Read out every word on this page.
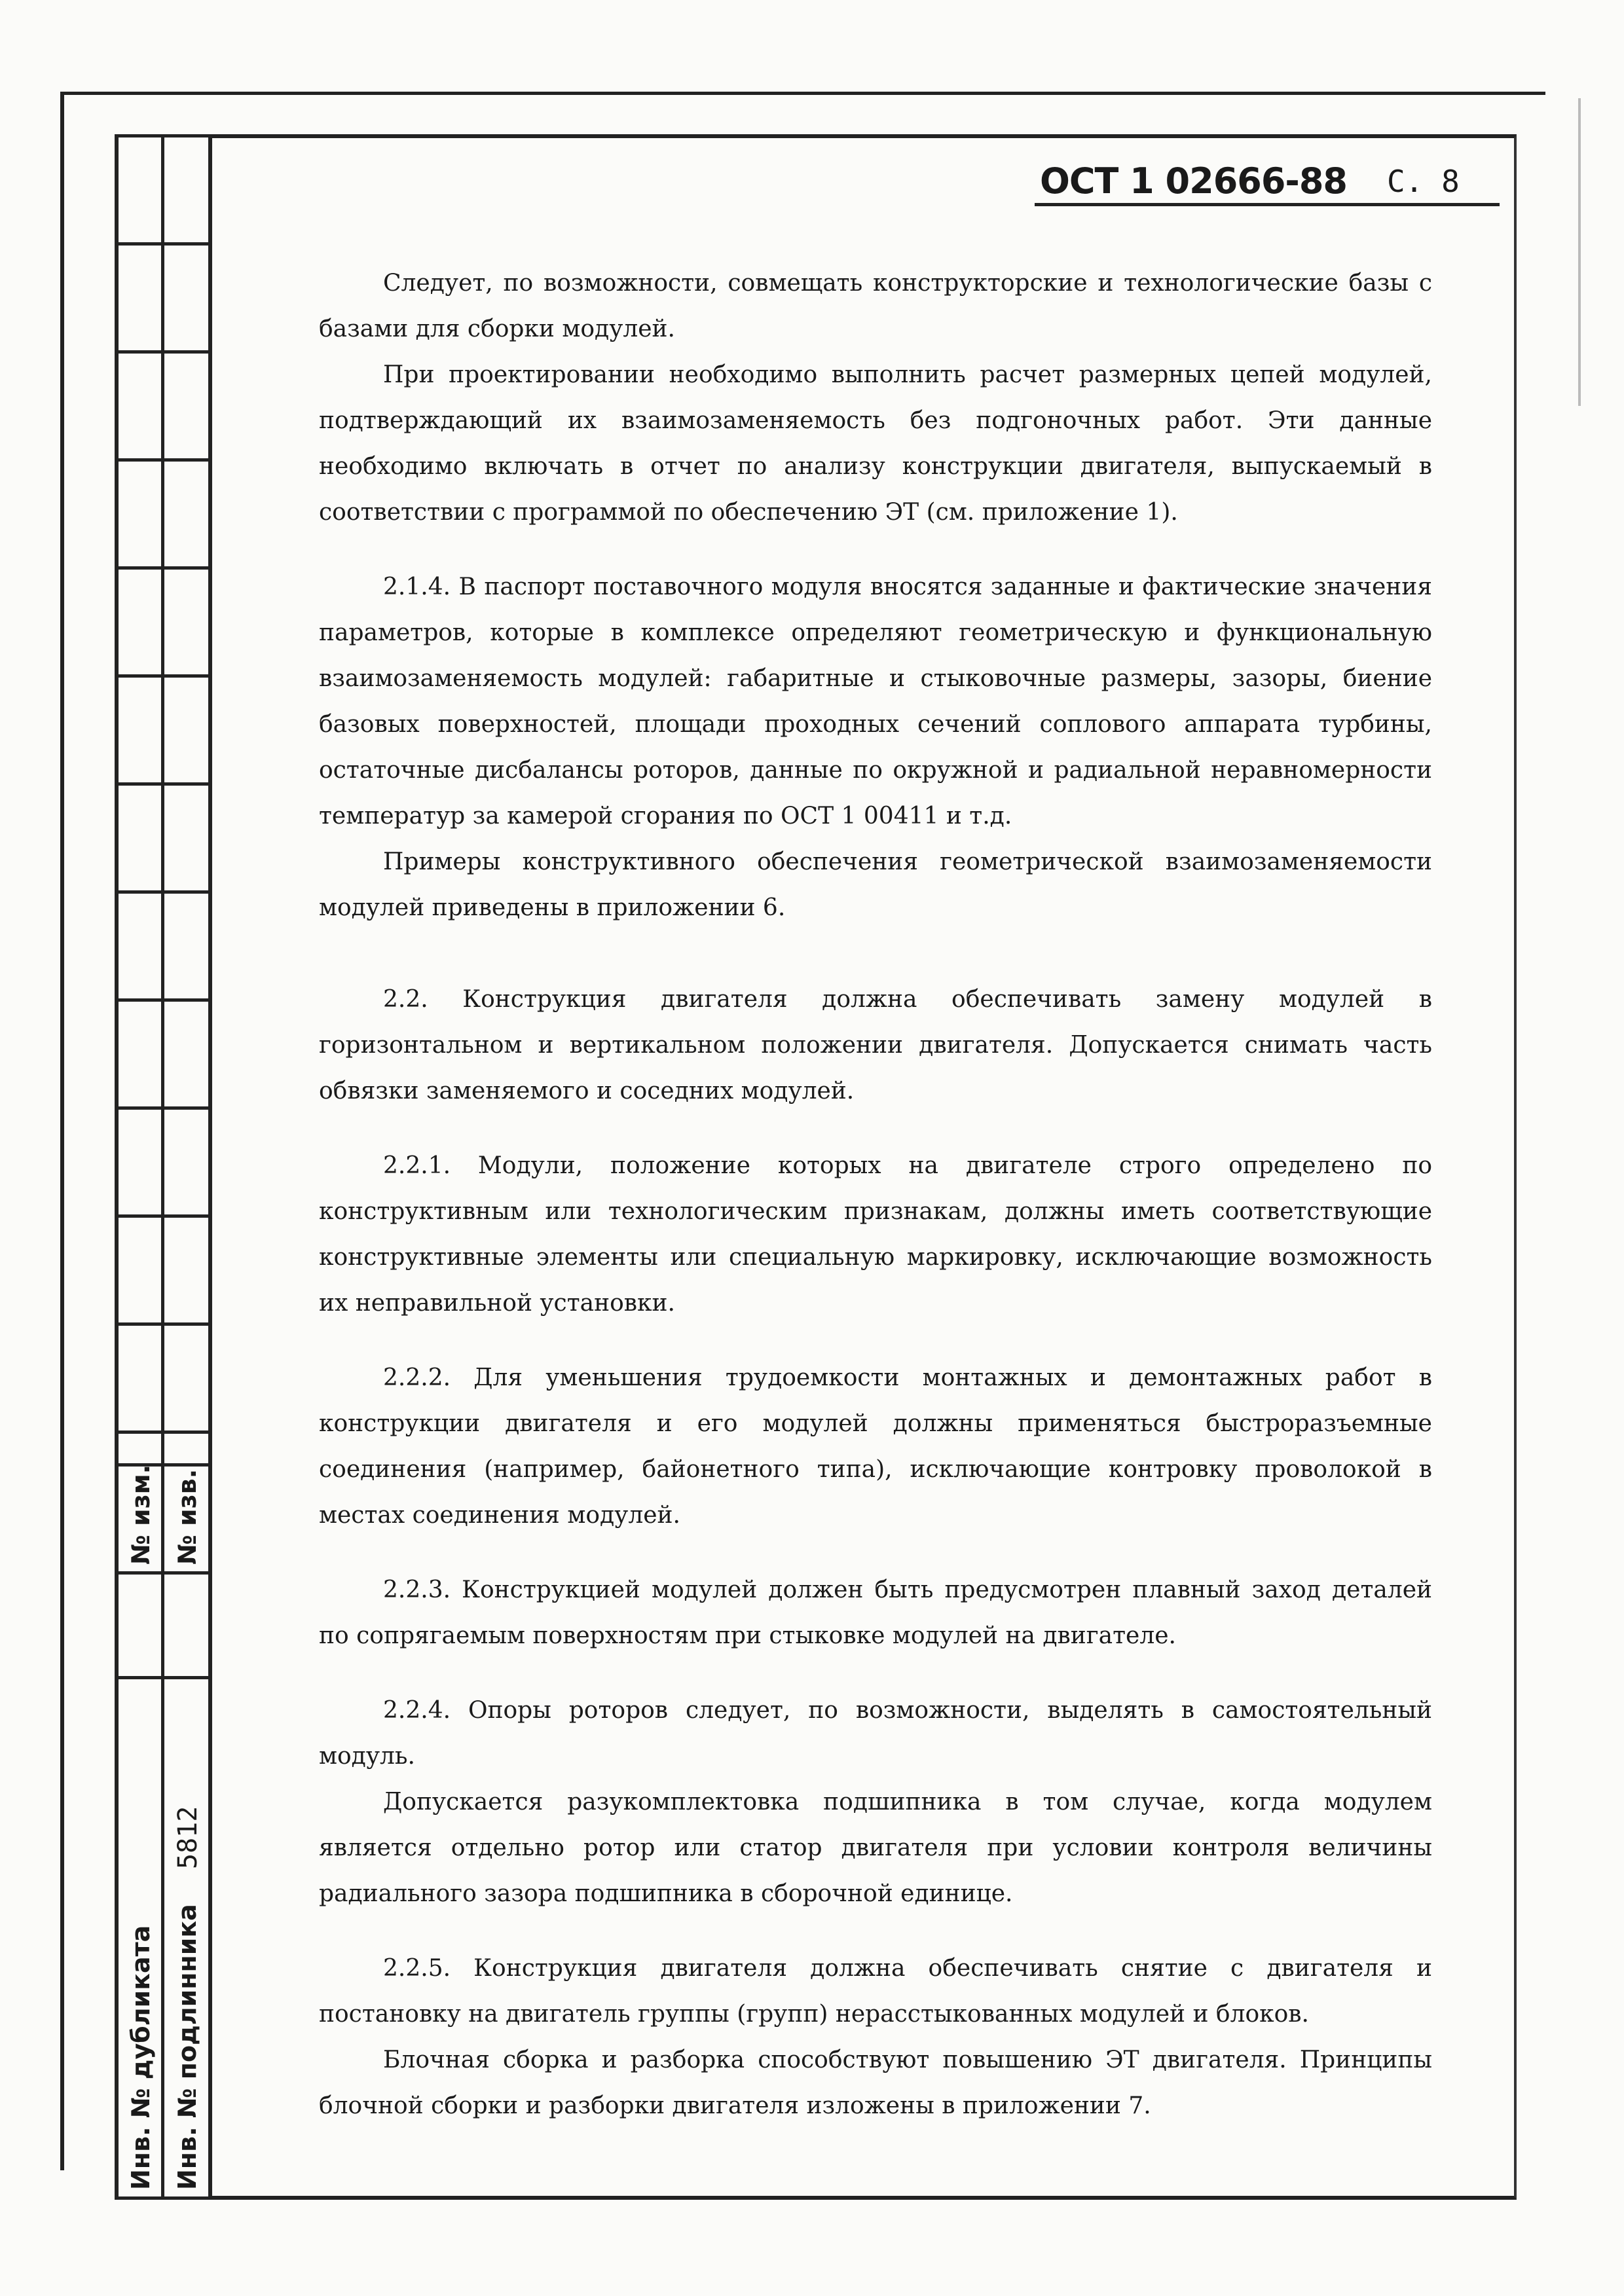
№ изм. № изв.
Инв. № дубликата Инв. № подлинника
5812
ОСТ 1 02666-88 С. 8

Следует, по возможности, совмещать конструкторские и технологические базы с базами для сборки модулей.

При проектировании необходимо выполнить расчет размерных цепей модулей, подтверждающий их взаимозаменяемость без подгоночных работ. Эти данные необходимо включать в отчет по анализу конструкции двигателя, выпускаемый в соответствии с программой по обеспечению ЭТ (см. приложение 1).

2.1.4. В паспорт поставочного модуля вносятся заданные и фактические значения параметров, которые в комплексе определяют геометрическую и функциональную взаимозаменяемость модулей: габаритные и стыковочные размеры, зазоры, биение базовых поверхностей, площади проходных сечений соплового аппарата турбины, остаточные дисбалансы роторов, данные по окружной и радиальной неравномерности температур за камерой сгорания по ОСТ 1 00411 и т.д.

Примеры конструктивного обеспечения геометрической взаимозаменяемости модулей приведены в приложении 6.

2.2. Конструкция двигателя должна обеспечивать замену модулей в горизонтальном и вертикальном положении двигателя. Допускается снимать часть обвязки заменяемого и соседних модулей.

2.2.1. Модули, положение которых на двигателе строго определено по конструктивным или технологическим признакам, должны иметь соответствующие конструктивные элементы или специальную маркировку, исключающие возможность их неправильной установки.

2.2.2. Для уменьшения трудоемкости монтажных и демонтажных работ в конструкции двигателя и его модулей должны применяться быстроразъемные соединения (например, байонетного типа), исключающие контровку проволокой в местах соединения модулей.

2.2.3. Конструкцией модулей должен быть предусмотрен плавный заход деталей по сопрягаемым поверхностям при стыковке модулей на двигателе.

2.2.4. Опоры роторов следует, по возможности, выделять в самостоятельный модуль.

Допускается разукомплектовка подшипника в том случае, когда модулем является отдельно ротор или статор двигателя при условии контроля величины радиального зазора подшипника в сборочной единице.

2.2.5. Конструкция двигателя должна обеспечивать снятие с двигателя и постановку на двигатель группы (групп) нерасстыкованных модулей и блоков.

Блочная сборка и разборка способствуют повышению ЭТ двигателя. Принципы блочной сборки и разборки двигателя изложены в приложении 7.
